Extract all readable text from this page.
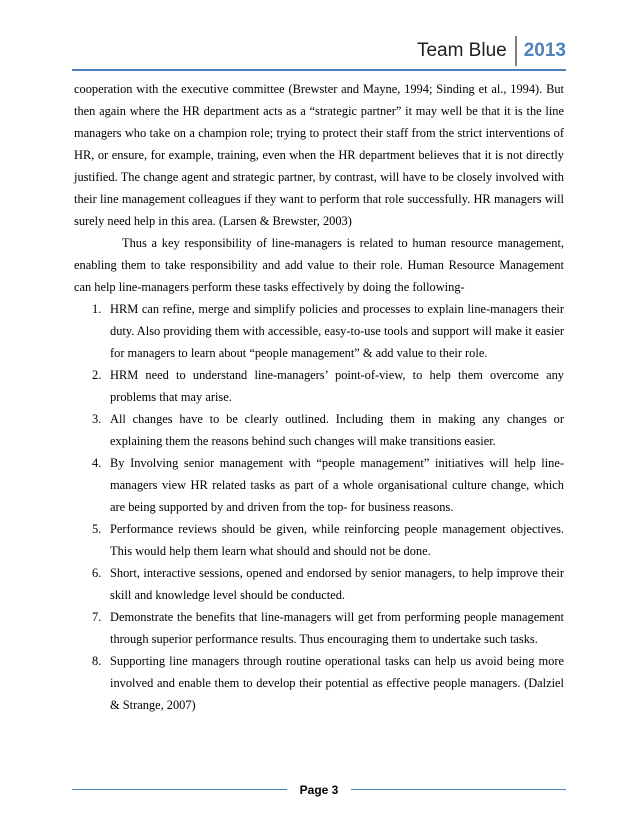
Team Blue 2013

cooperation with the executive committee (Brewster and Mayne, 1994; Sinding et al., 1994). But then again where the HR department acts as a “strategic partner” it may well be that it is the line managers who take on a champion role; trying to protect their staff from the strict interventions of HR, or ensure, for example, training, even when the HR department believes that it is not directly justified. The change agent and strategic partner, by contrast, will have to be closely involved with their line management colleagues if they want to perform that role successfully. HR managers will surely need help in this area. (Larsen & Brewster, 2003)

Thus a key responsibility of line-managers is related to human resource management, enabling them to take responsibility and add value to their role. Human Resource Management can help line-managers perform these tasks effectively by doing the following-

1. HRM can refine, merge and simplify policies and processes to explain line-managers their duty. Also providing them with accessible, easy-to-use tools and support will make it easier for managers to learn about “people management” & add value to their role.
2. HRM need to understand line-managers’ point-of-view, to help them overcome any problems that may arise.
3. All changes have to be clearly outlined. Including them in making any changes or explaining them the reasons behind such changes will make transitions easier.
4. By Involving senior management with “people management” initiatives will help line-managers view HR related tasks as part of a whole organisational culture change, which are being supported by and driven from the top- for business reasons.
5. Performance reviews should be given, while reinforcing people management objectives. This would help them learn what should and should not be done.
6. Short, interactive sessions, opened and endorsed by senior managers, to help improve their skill and knowledge level should be conducted.
7. Demonstrate the benefits that line-managers will get from performing people management through superior performance results. Thus encouraging them to undertake such tasks.
8. Supporting line managers through routine operational tasks can help us avoid being more involved and enable them to develop their potential as effective people managers. (Dalziel & Strange, 2007)
Page 3
